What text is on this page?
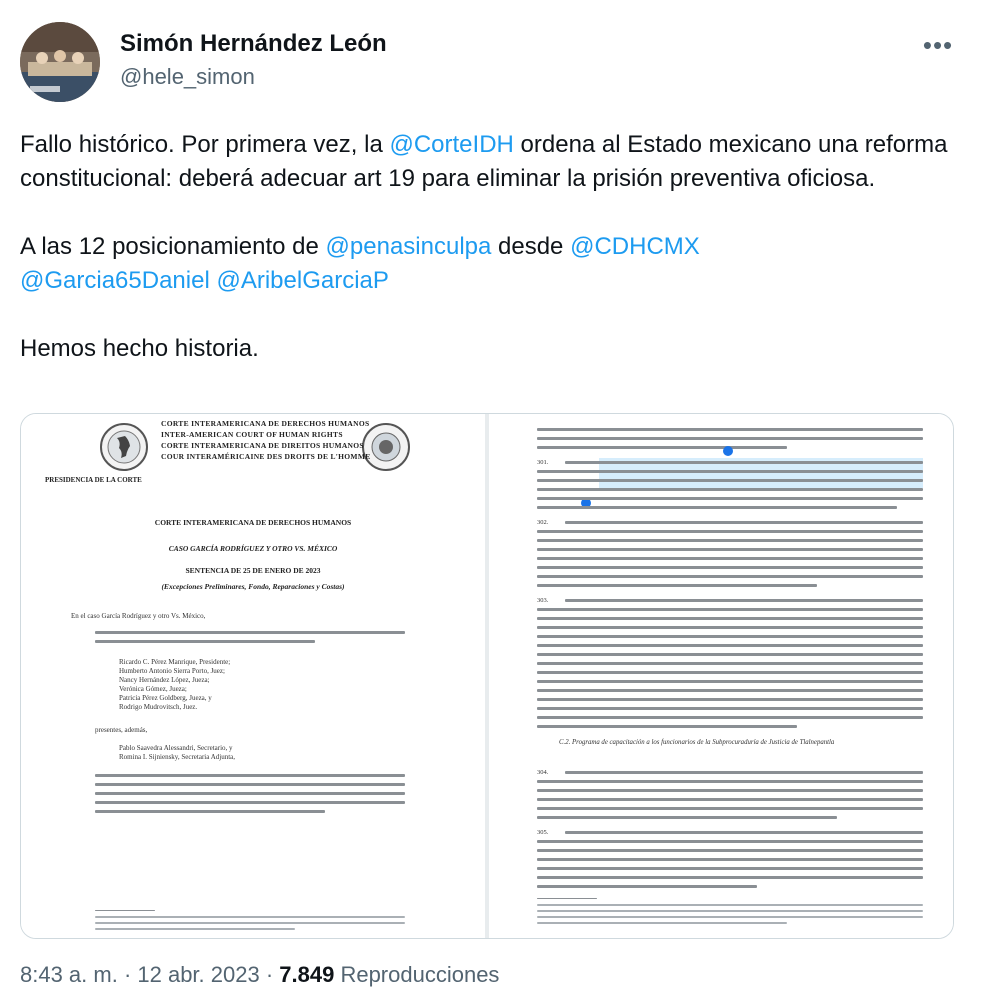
Simón Hernández León
@hele_simon
•••

Fallo histórico. Por primera vez, la @CorteIDH ordena al Estado mexicano una reforma constitucional: deberá adecuar art 19 para eliminar la prisión preventiva oficiosa.

A las 12 posicionamiento de @penasinculpa desde @CDHCMX
@Garcia65Daniel @AribelGarciaP

Hemos hecho historia.

CORTE INTERAMERICANA DE DERECHOS HUMANOS
INTER-AMERICAN COURT OF HUMAN RIGHTS
CORTE INTERAMERICANA DE DIREITOS HUMANOS
COUR INTERAMÉRICAINE DES DROITS DE L'HOMME
PRESIDENCIA DE LA CORTE
CORTE INTERAMERICANA DE DERECHOS HUMANOS
CASO GARCÍA RODRÍGUEZ Y OTRO VS. MÉXICO
SENTENCIA DE 25 DE ENERO DE 2023
(Excepciones Preliminares, Fondo, Reparaciones y Costas)
En el caso García Rodríguez y otro Vs. México,
Ricardo C. Pérez Manrique, Presidente;
Humberto Antonio Sierra Porto, Juez;
Nancy Hernández López, Jueza;
Verónica Gómez, Jueza;
Patricia Pérez Goldberg, Jueza, y
Rodrigo Mudrovitsch, Juez.
presentes, además,
Pablo Saavedra Alessandri, Secretario, y
Romina I. Sijniensky, Secretaria Adjunta,
301.
302.
303.
C.2. Programa de capacitación a los funcionarios de la Subprocuraduría de Justicia de Tlalnepantla
304.
305.
8:43 a. m. · 12 abr. 2023 · 7.849 Reproducciones
